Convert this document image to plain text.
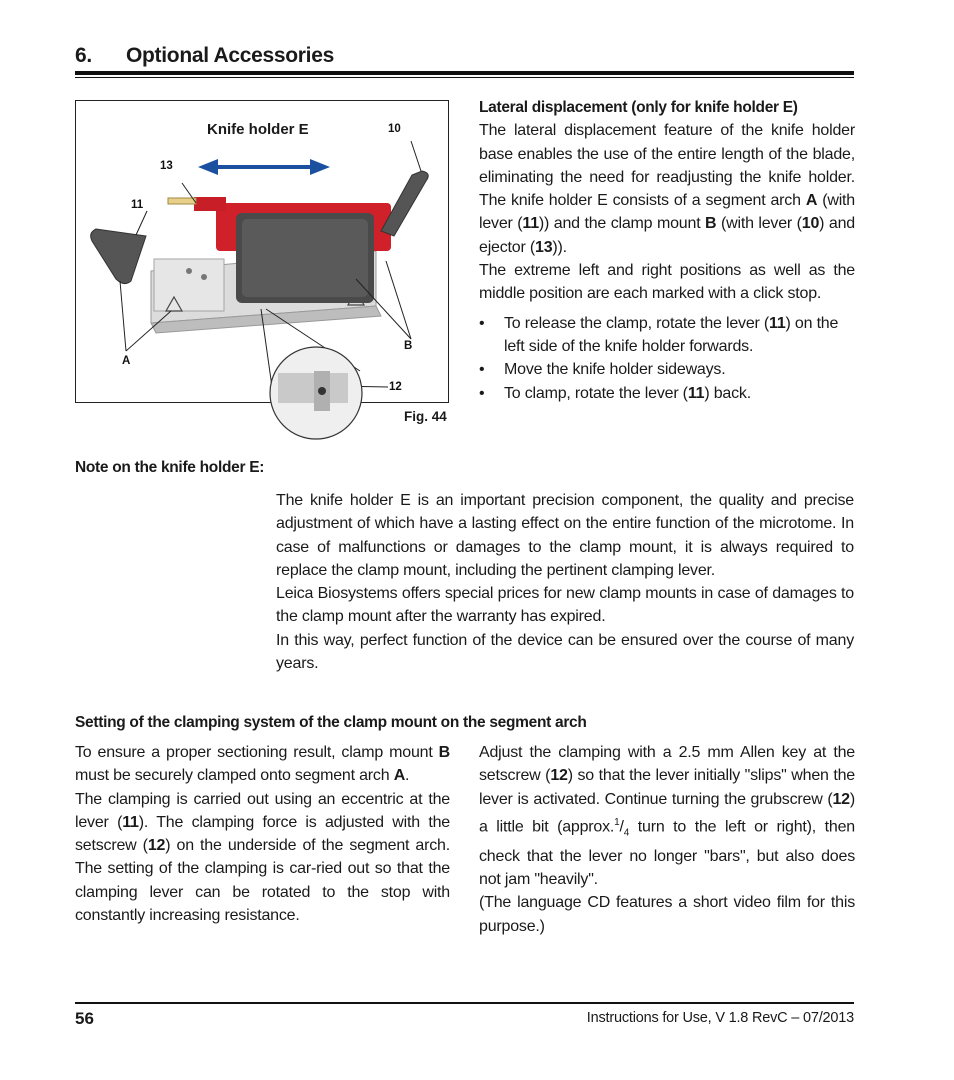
6. Optional Accessories
Knife holder E	10
13
11
A
B
12
Fig. 44

Lateral displacement (only for knife holder E)

The lateral displacement feature of the knife holder base enables the use of the entire length of the blade, eliminating the need for readjusting the knife holder. The knife holder E consists of a segment arch A (with lever (11)) and the clamp mount B (with lever (10) and ejector (13)).

The extreme left and right positions as well as the middle position are each marked with a click stop.

• To release the clamp, rotate the lever (11) on the left side of the knife holder forwards.
• Move the knife holder sideways.
• To clamp, rotate the lever (11) back.
Note on the knife holder E:

The knife holder E is an important precision component, the quality and precise adjustment of which have a lasting effect on the entire function of the microtome. In case of malfunctions or damages to the clamp mount, it is always required to replace the clamp mount, including the pertinent clamping lever.

Leica Biosystems offers special prices for new clamp mounts in case of damages to the clamp mount after the warranty has expired.

In this way, perfect function of the device can be ensured over the course of many years.

Setting of the clamping system of the clamp mount on the segment arch

To ensure a proper sectioning result, clamp mount B must be securely clamped onto segment arch A.

The clamping is carried out using an eccentric at the lever (11). The clamping force is adjusted with the setscrew (12) on the underside of the segment arch. The setting of the clamping is car-ried out so that the clamping lever can be rotated to the stop with constantly increasing resistance.

Adjust the clamping with a 2.5 mm Allen key at the setscrew (12) so that the lever initially "slips" when the lever is activated. Continue turning the grubscrew (12) a little bit ($approx.^1/_4$ turn to the left or right), then check that the lever no longer "bars", but also does not jam "heavily".

(The language CD features a short video film for this purpose.)

56	Instructions for Use, V 1.8 RevC – 07/2013
